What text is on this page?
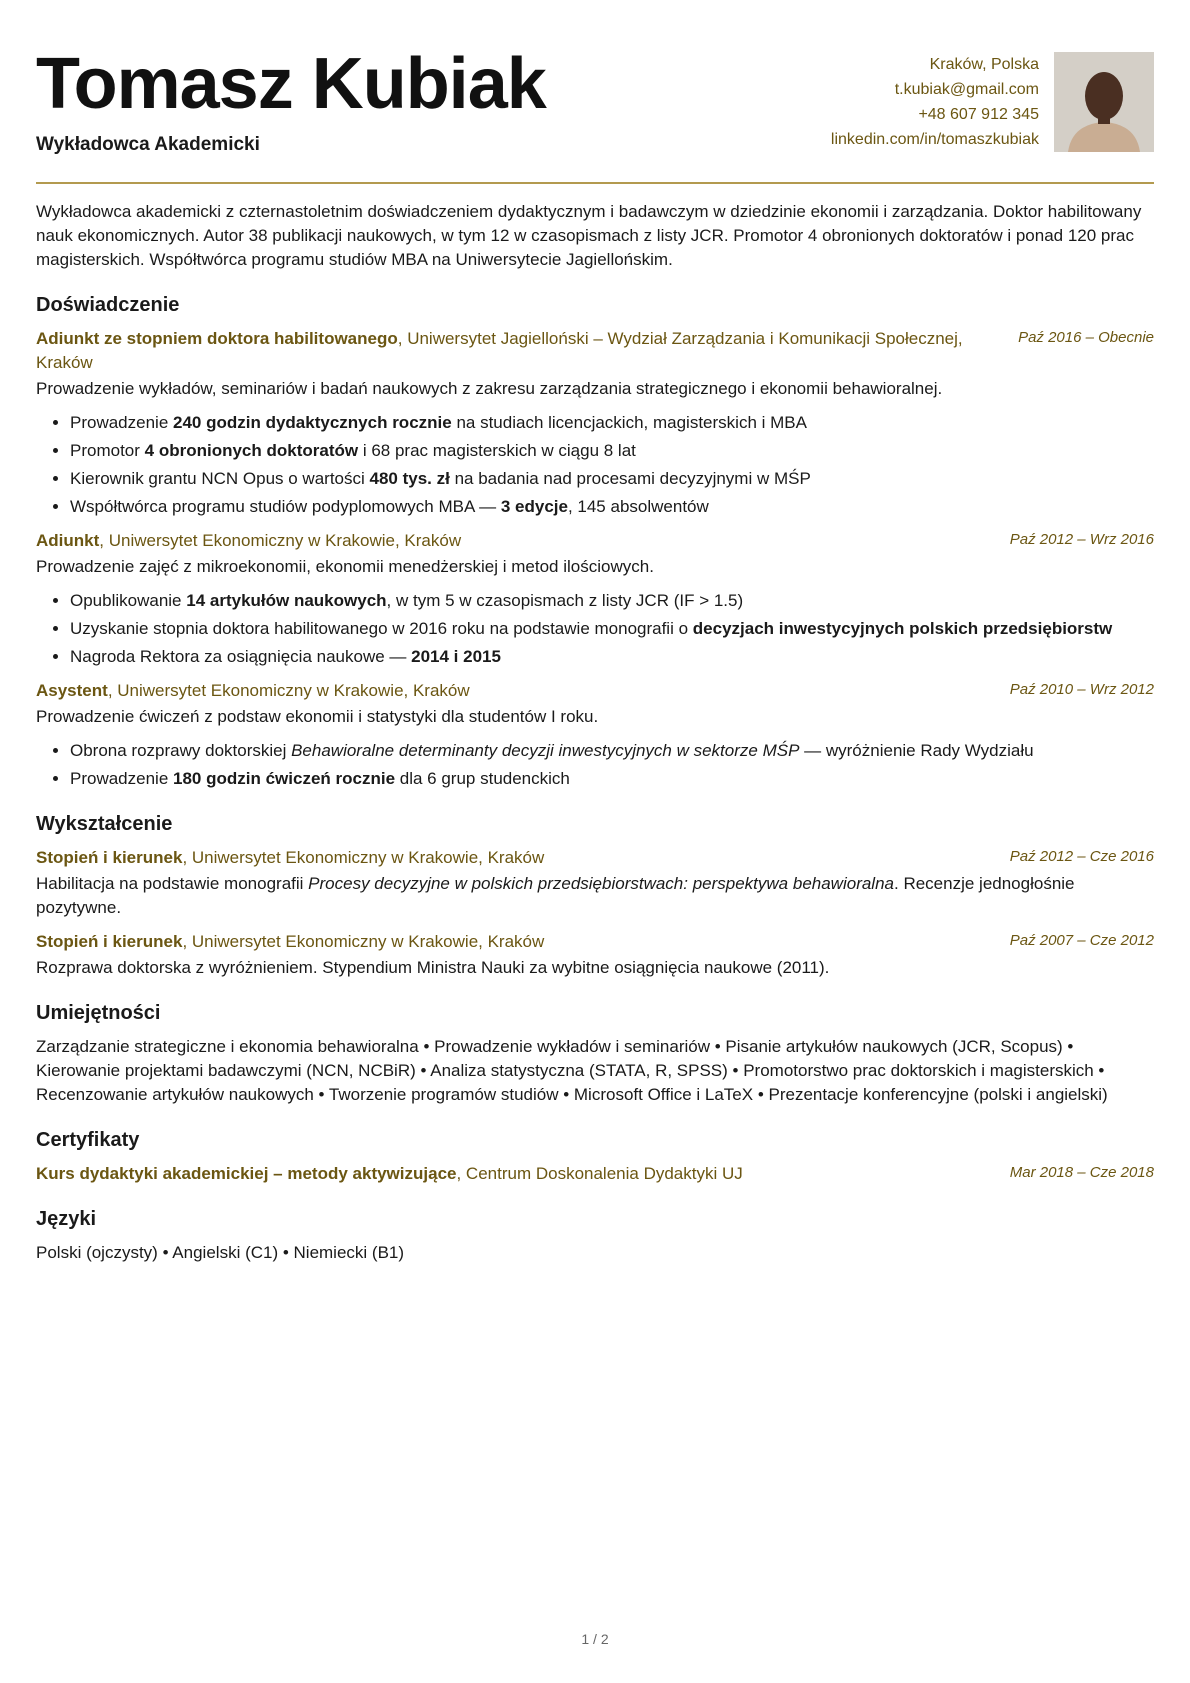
Tomasz Kubiak
Wykładowca Akademicki
Kraków, Polska
t.kubiak@gmail.com
+48 607 912 345
linkedin.com/in/tomaszkubiak
Wykładowca akademicki z czternastoletnim doświadczeniem dydaktycznym i badawczym w dziedzinie ekonomii i zarządzania. Doktor habilitowany nauk ekonomicznych. Autor 38 publikacji naukowych, w tym 12 w czasopismach z listy JCR. Promotor 4 obronionych doktoratów i ponad 120 prac magisterskich. Współtwórca programu studiów MBA na Uniwersytecie Jagiellońskim.
Doświadczenie
Adiunkt ze stopniem doktora habilitowanego, Uniwersytet Jagielloński – Wydział Zarządzania i Komunikacji Społecznej, Kraków
Paź 2016 – Obecnie
Prowadzenie wykładów, seminariów i badań naukowych z zakresu zarządzania strategicznego i ekonomii behawioralnej.
• Prowadzenie 240 godzin dydaktycznych rocznie na studiach licencjackich, magisterskich i MBA
• Promotor 4 obronionych doktoratów i 68 prac magisterskich w ciągu 8 lat
• Kierownik grantu NCN Opus o wartości 480 tys. zł na badania nad procesami decyzyjnymi w MŚP
• Współtwórca programu studiów podyplomowych MBA — 3 edycje, 145 absolwentów
Adiunkt, Uniwersytet Ekonomiczny w Krakowie, Kraków	Paź 2012 – Wrz 2016
Prowadzenie zajęć z mikroekonomii, ekonomii menedżerskiej i metod ilościowych.
• Opublikowanie 14 artykułów naukowych, w tym 5 w czasopismach z listy JCR (IF > 1.5)
• Uzyskanie stopnia doktora habilitowanego w 2016 roku na podstawie monografii o decyzjach inwestycyjnych polskich przedsiębiorstw
• Nagroda Rektora za osiągnięcia naukowe — 2014 i 2015
Asystent, Uniwersytet Ekonomiczny w Krakowie, Kraków	Paź 2010 – Wrz 2012
Prowadzenie ćwiczeń z podstaw ekonomii i statystyki dla studentów I roku.
• Obrona rozprawy doktorskiej Behawioralne determinanty decyzji inwestycyjnych w sektorze MŚP — wyróżnienie Rady Wydziału
• Prowadzenie 180 godzin ćwiczeń rocznie dla 6 grup studenckich
Wykształcenie
Stopień i kierunek, Uniwersytet Ekonomiczny w Krakowie, Kraków	Paź 2012 – Cze 2016
Habilitacja na podstawie monografii Procesy decyzyjne w polskich przedsiębiorstwach: perspektywa behawioralna. Recenzje jednogłośnie pozytywne.
Stopień i kierunek, Uniwersytet Ekonomiczny w Krakowie, Kraków	Paź 2007 – Cze 2012
Rozprawa doktorska z wyróżnieniem. Stypendium Ministra Nauki za wybitne osiągnięcia naukowe (2011).
Umiejętności
Zarządzanie strategiczne i ekonomia behawioralna • Prowadzenie wykładów i seminariów • Pisanie artykułów naukowych (JCR, Scopus) • Kierowanie projektami badawczymi (NCN, NCBiR) • Analiza statystyczna (STATA, R, SPSS) • Promotorstwo prac doktorskich i magisterskich • Recenzowanie artykułów naukowych • Tworzenie programów studiów • Microsoft Office i LaTeX • Prezentacje konferencyjne (polski i angielski)
Certyfikaty
Kurs dydaktyki akademickiej – metody aktywizujące, Centrum Doskonalenia Dydaktyki UJ	Mar 2018 – Cze 2018
Języki
Polski (ojczysty) • Angielski (C1) • Niemiecki (B1)
1 / 2
